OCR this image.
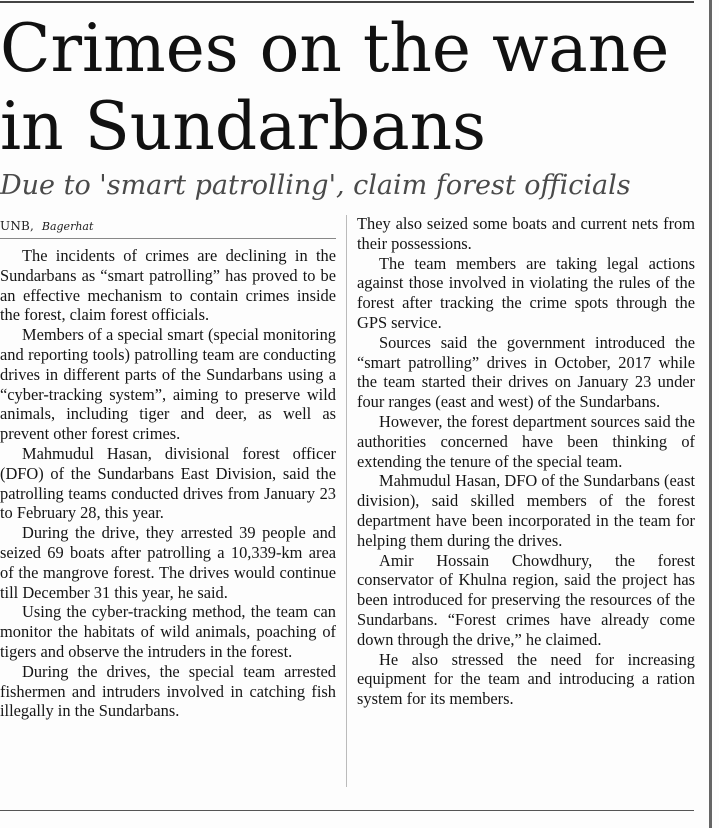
Crimes on the wane
in Sundarbans
Due to 'smart patrolling', claim forest officials
UNB, Bagerhat

The incidents of crimes are declining in the Sundarbans as “smart patrolling” has proved to be an effective mechanism to contain crimes inside the forest, claim forest officials.

Members of a special smart (special monitoring and reporting tools) patrolling team are conducting drives in different parts of the Sundarbans using a “cyber-tracking system”, aiming to preserve wild animals, including tiger and deer, as well as prevent other forest crimes.

Mahmudul Hasan, divisional forest officer (DFO) of the Sundarbans East Division, said the patrolling teams conducted drives from January 23 to February 28, this year.

During the drive, they arrested 39 people and seized 69 boats after patrolling a 10,339-km area of the mangrove forest. The drives would continue till December 31 this year, he said.

Using the cyber-tracking method, the team can monitor the habitats of wild animals, poaching of tigers and observe the intruders in the forest.

During the drives, the special team arrested fishermen and intruders involved in catching fish illegally in the Sundarbans.

They also seized some boats and current nets from their possessions.

The team members are taking legal actions against those involved in violating the rules of the forest after tracking the crime spots through the GPS service.

Sources said the government introduced the “smart patrolling” drives in October, 2017 while the team started their drives on January 23 under four ranges (east and west) of the Sundarbans.

However, the forest department sources said the authorities concerned have been thinking of extending the tenure of the special team.

Mahmudul Hasan, DFO of the Sundarbans (east division), said skilled members of the forest department have been incorporated in the team for helping them during the drives.

Amir Hossain Chowdhury, the forest conservator of Khulna region, said the project has been introduced for preserving the resources of the Sundarbans. “Forest crimes have already come down through the drive,” he claimed.

He also stressed the need for increasing equipment for the team and introducing a ration system for its members.
